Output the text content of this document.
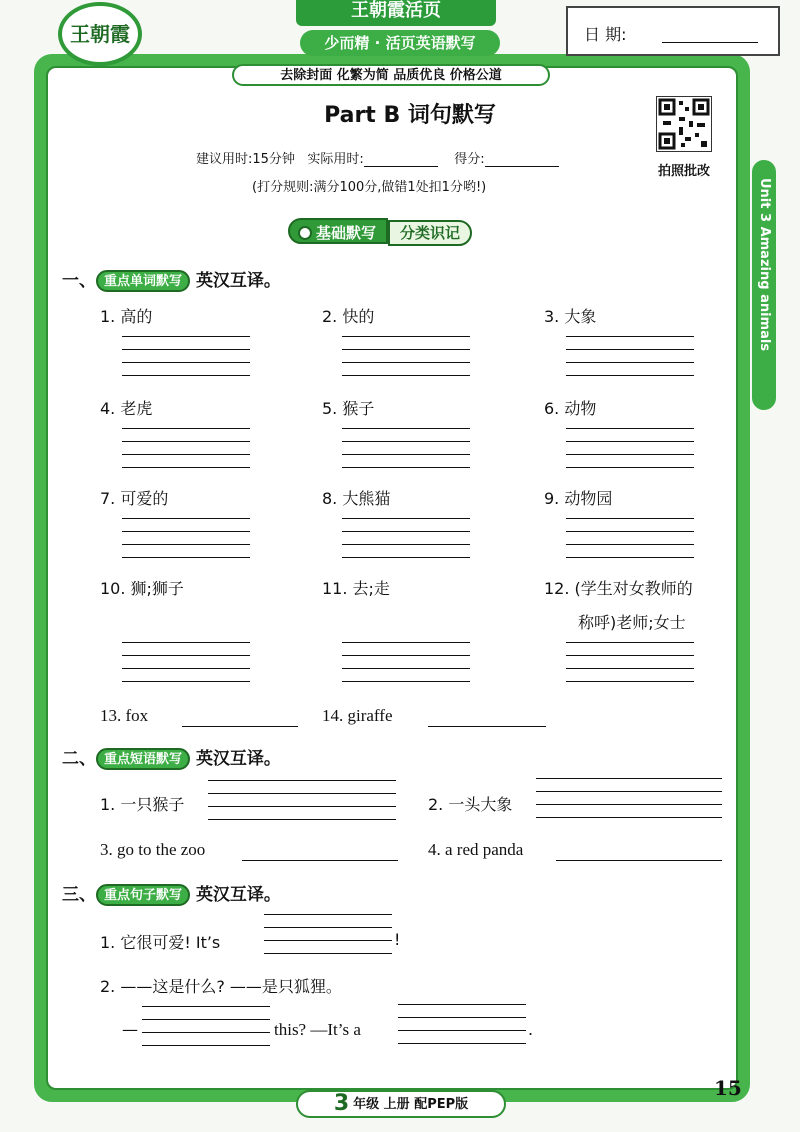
王朝霞
王朝霞活页
少而精 · 活页英语默写
去除封面 化繁为简 品质优良 价格公道
日 期:
Part B 词句默写
建议用时:15分钟 实际用时:	得分:
(打分规则:满分100分,做错1处扣1分哟!)
拍照批改
Unit 3 Amazing animals
基础默写 分类识记
一、 重点单词默写 英汉互译。
1. 高的	2. 快的	3. 大象
4. 老虎	5. 猴子	6. 动物
7. 可爱的	8. 大熊猫	9. 动物园
10. 狮;狮子	11. 去;走	12. (学生对女教师的
称呼)老师;女士
13. fox	14. giraffe
二、 重点短语默写 英汉互译。
1. 一只猴子	2. 一头大象
3. go to the zoo	4. a red panda
三、 重点句子默写 英汉互译。
1. 它很可爱! It’s	!
2. ——这是什么? ——是只狐狸。
—	this? —It’s a	.
3 年级 上册 配PEP版
15
